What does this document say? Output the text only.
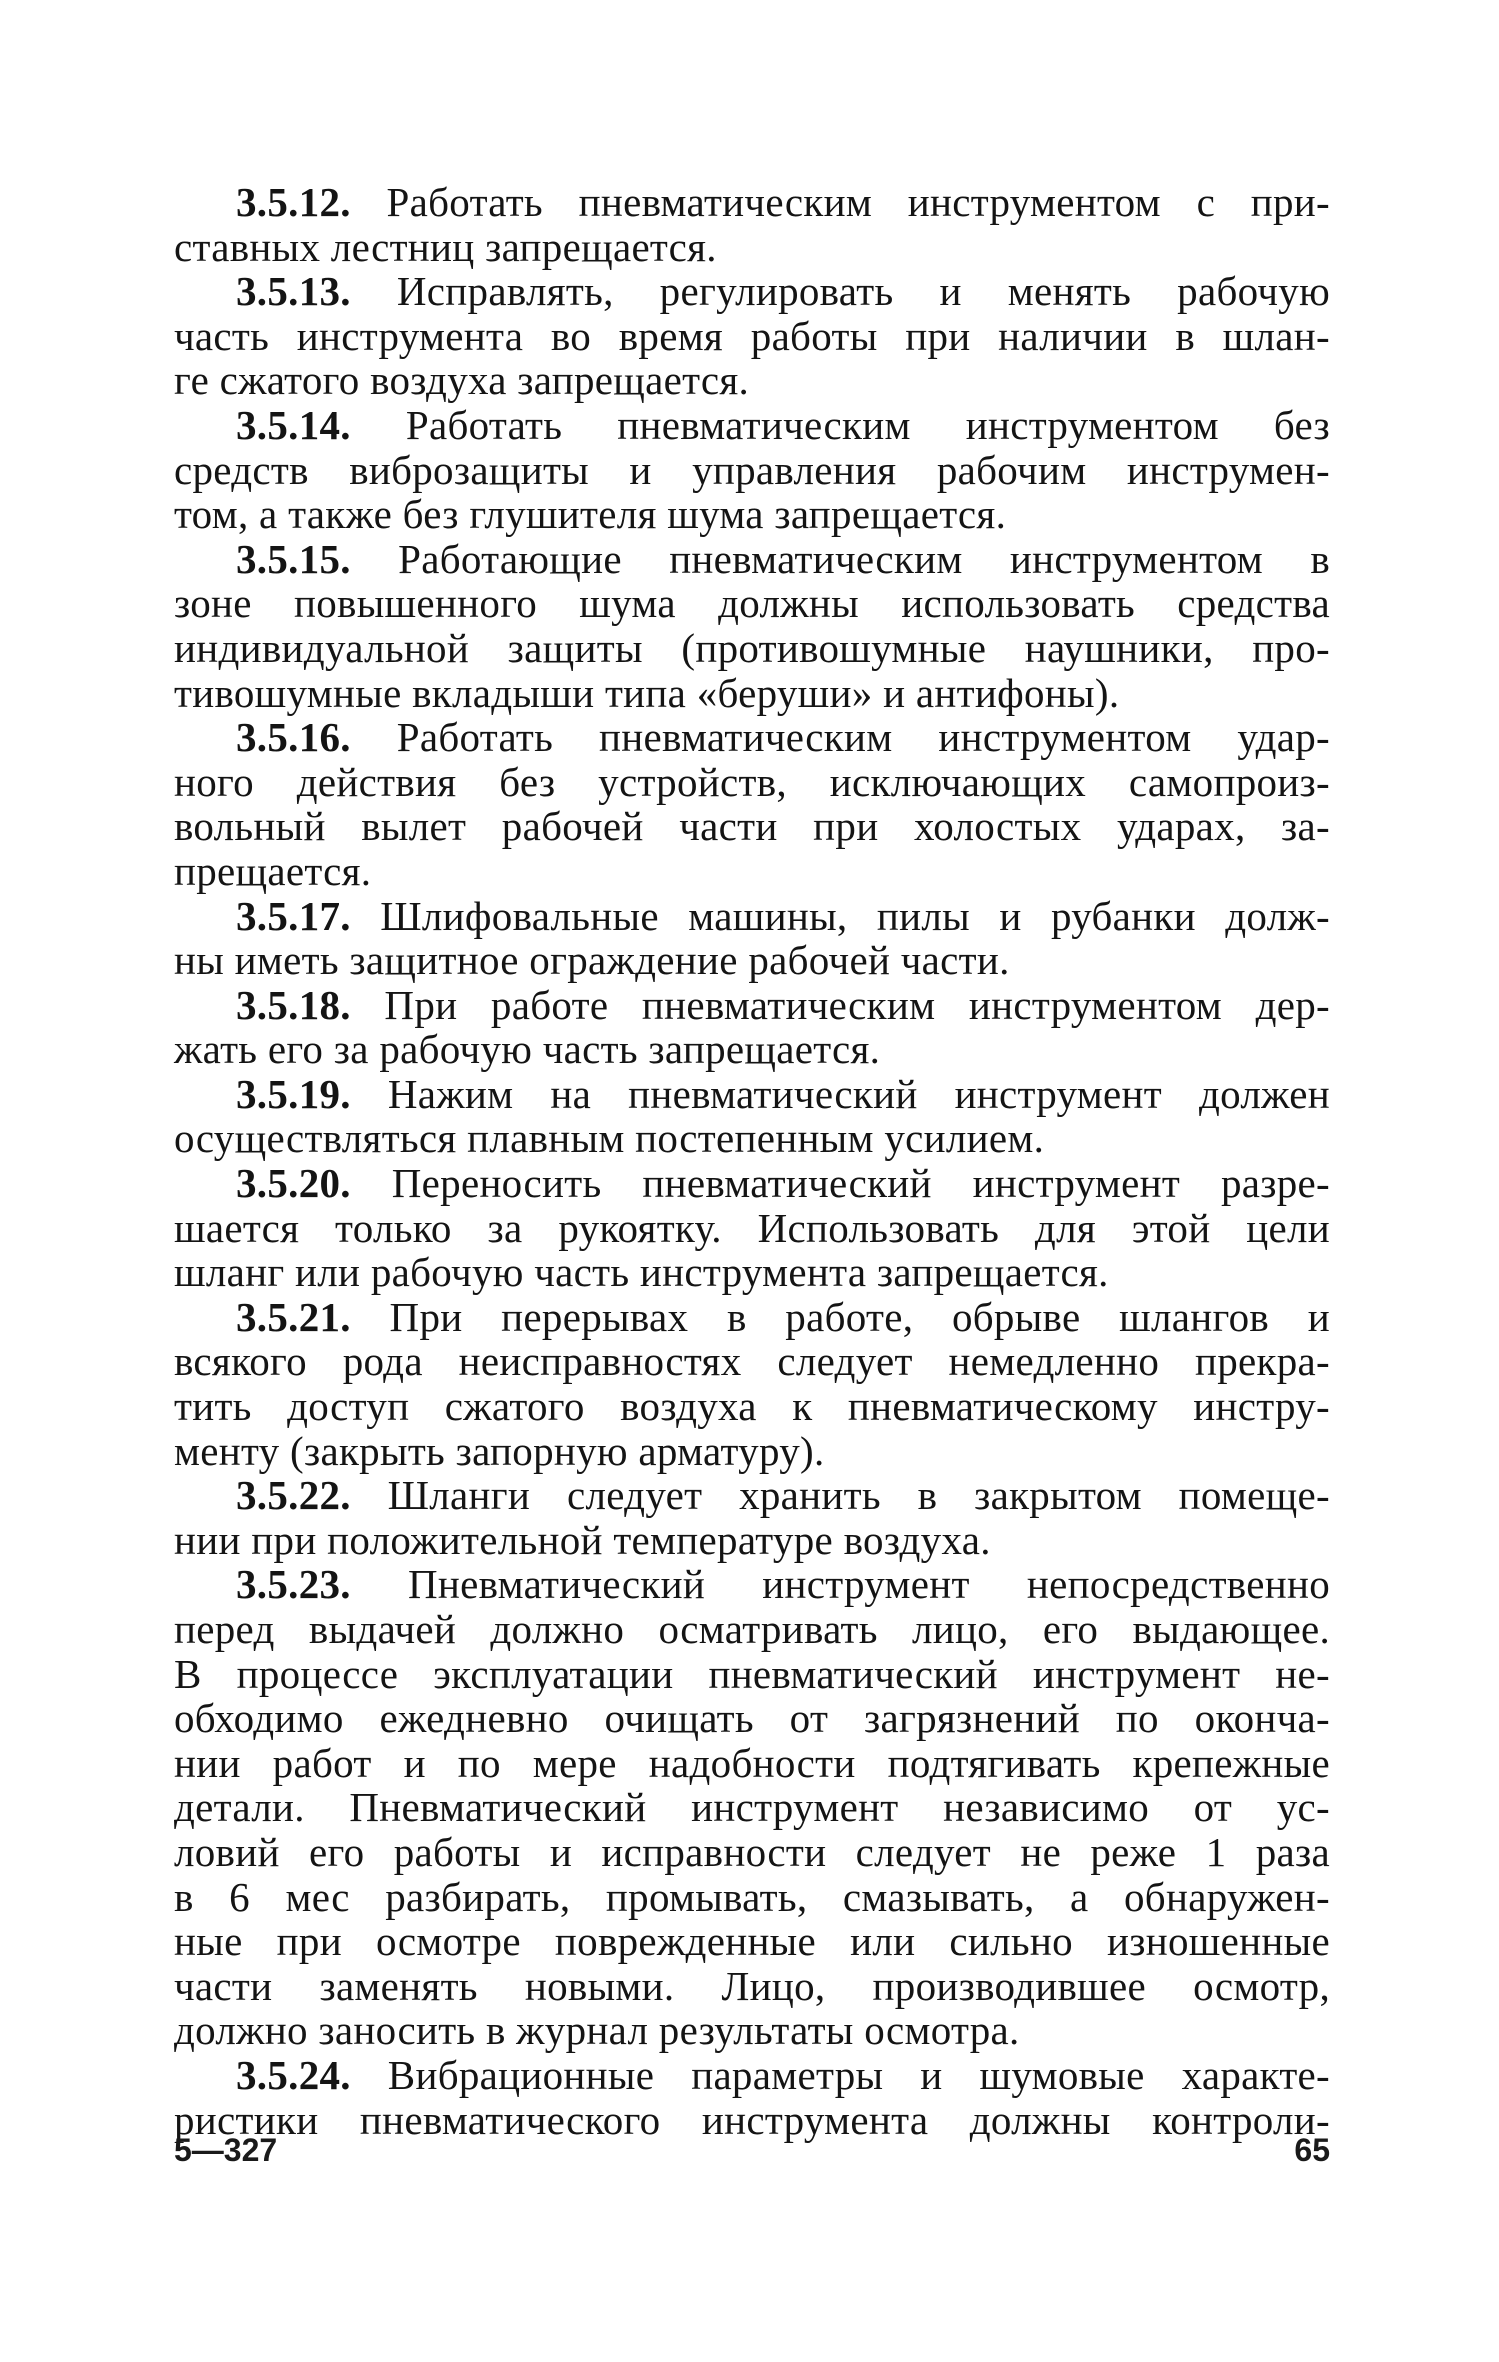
3.5.12. Работать пневматическим инструментом с при-
ставных лестниц запрещается.
3.5.13. Исправлять, регулировать и менять рабочую
часть инструмента во время работы при наличии в шлан-
ге сжатого воздуха запрещается.
3.5.14. Работать пневматическим инструментом без
средств виброзащиты и управления рабочим инструмен-
том, а также без глушителя шума запрещается.
3.5.15. Работающие пневматическим инструментом в
зоне повышенного шума должны использовать средства
индивидуальной защиты (противошумные наушники, про-
тивошумные вкладыши типа «беруши» и антифоны).
3.5.16. Работать пневматическим инструментом удар-
ного действия без устройств, исключающих самопроиз-
вольный вылет рабочей части при холостых ударах, за-
прещается.
3.5.17. Шлифовальные машины, пилы и рубанки долж-
ны иметь защитное ограждение рабочей части.
3.5.18. При работе пневматическим инструментом дер-
жать его за рабочую часть запрещается.
3.5.19. Нажим на пневматический инструмент должен
осуществляться плавным постепенным усилием.
3.5.20. Переносить пневматический инструмент разре-
шается только за рукоятку. Использовать для этой цели
шланг или рабочую часть инструмента запрещается.
3.5.21. При перерывах в работе, обрыве шлангов и
всякого рода неисправностях следует немедленно прекра-
тить доступ сжатого воздуха к пневматическому инстру-
менту (закрыть запорную арматуру).
3.5.22. Шланги следует хранить в закрытом помеще-
нии при положительной температуре воздуха.
3.5.23. Пневматический инструмент непосредственно
перед выдачей должно осматривать лицо, его выдающее.
В процессе эксплуатации пневматический инструмент не-
обходимо ежедневно очищать от загрязнений по оконча-
нии работ и по мере надобности подтягивать крепежные
детали. Пневматический инструмент независимо от ус-
ловий его работы и исправности следует не реже 1 раза
в 6 мес разбирать, промывать, смазывать, а обнаружен-
ные при осмотре поврежденные или сильно изношенные
части заменять новыми. Лицо, производившее осмотр,
должно заносить в журнал результаты осмотра.
3.5.24. Вибрационные параметры и шумовые характе-
ристики пневматического инструмента должны контроли-
5—327	65
